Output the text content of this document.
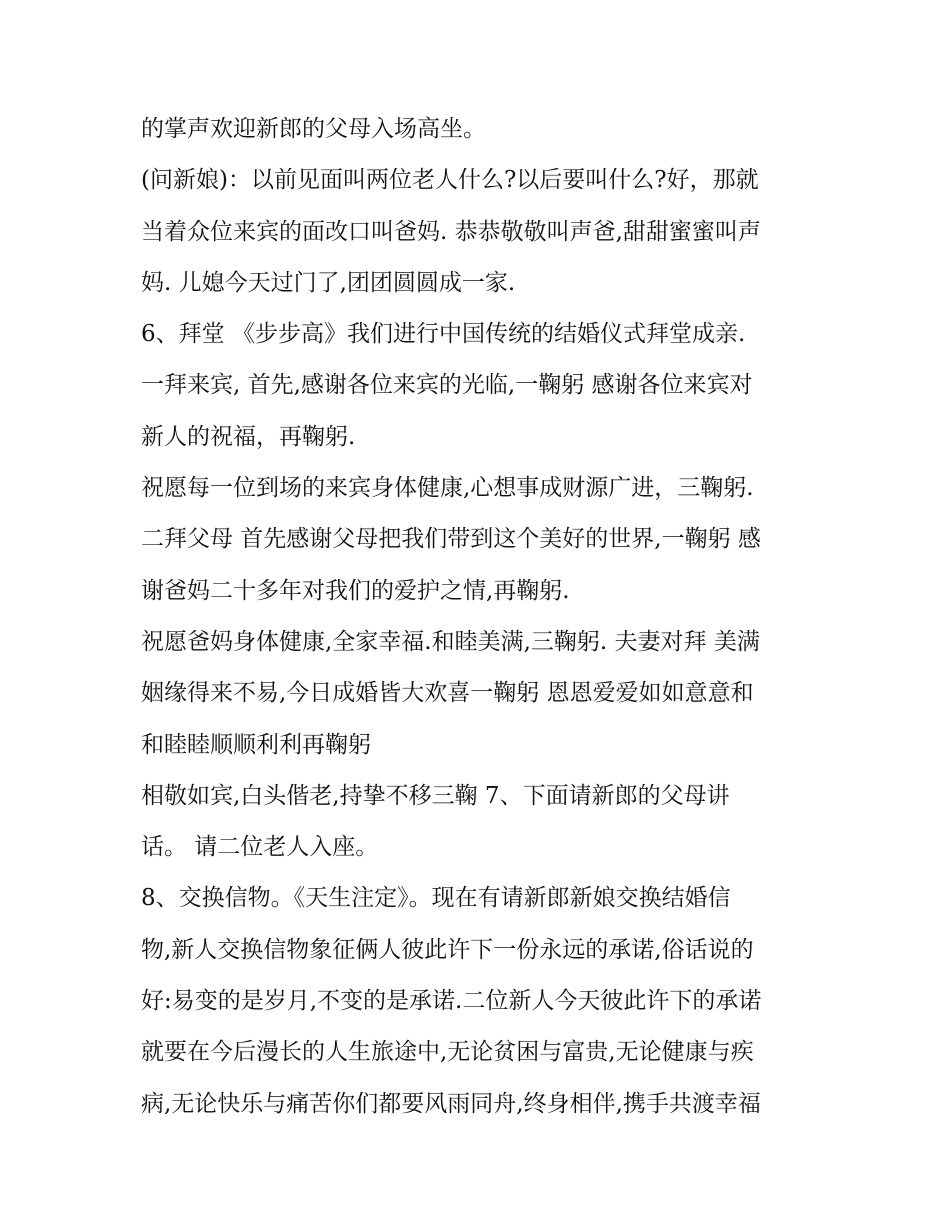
的掌声欢迎新郎的父母入场高坐。
(问新娘)：以前见面叫两位老人什么?以后要叫什么?好，那就
当着众位来宾的面改口叫爸妈. 恭恭敬敬叫声爸,甜甜蜜蜜叫声
妈. 儿媳今天过门了,团团圆圆成一家.
6、拜堂 《步步高》我们进行中国传统的结婚仪式拜堂成亲.
一拜来宾, 首先,感谢各位来宾的光临,一鞠躬 感谢各位来宾对
新人的祝福，再鞠躬.
祝愿每一位到场的来宾身体健康,心想事成财源广进，三鞠躬.
二拜父母 首先感谢父母把我们带到这个美好的世界,一鞠躬 感
谢爸妈二十多年对我们的爱护之情,再鞠躬.
祝愿爸妈身体健康,全家幸福.和睦美满,三鞠躬. 夫妻对拜 美满
姻缘得来不易,今日成婚皆大欢喜一鞠躬 恩恩爱爱如如意意和
和睦睦顺顺利利再鞠躬
相敬如宾,白头偕老,持挚不移三鞠 7、下面请新郎的父母讲
话。 请二位老人入座。
8、交换信物。《天生注定》。现在有请新郎新娘交换结婚信
物,新人交换信物象征俩人彼此许下一份永远的承诺,俗话说的
好:易变的是岁月,不变的是承诺.二位新人今天彼此许下的承诺
就要在今后漫长的人生旅途中,无论贫困与富贵,无论健康与疾
病,无论快乐与痛苦你们都要风雨同舟,终身相伴,携手共渡幸福
